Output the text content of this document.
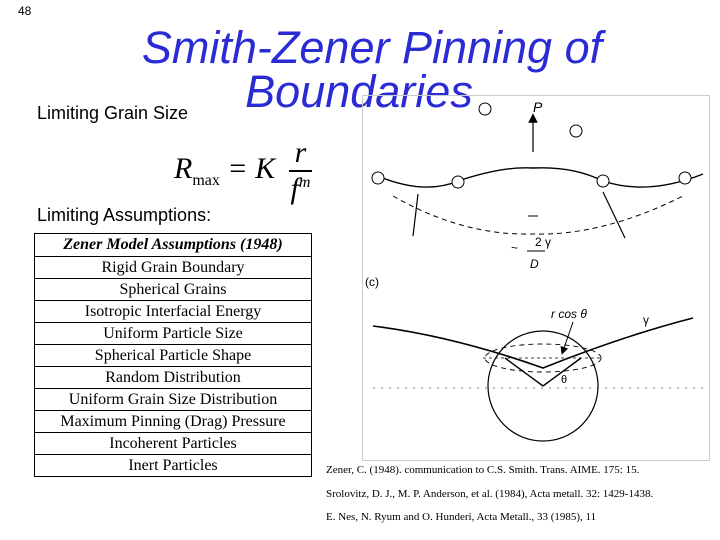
48
Smith-Zener Pinning of
Boundaries
Limiting Grain Size
$R_{max} = K \frac{r}{f^m}$
Limiting Assumptions:
Zener Model Assumptions (1948)
Rigid Grain Boundary
Spherical Grains
Isotropic Interfacial Energy
Uniform Particle Size
Spherical Particle Shape
Random Distribution
Uniform Grain Size Distribution
Maximum Pinning (Drag) Pressure
Incoherent Particles
Inert Particles
P
2 γ
~
D
(c)
r cos θ	γ
θ
Zener, C. (1948). communication to C.S. Smith. Trans. AIME. 175: 15.
Srolovitz, D. J., M. P. Anderson, et al. (1984), Acta metall. 32: 1429-1438.
E. Nes, N. Ryum and O. Hunderi, Acta Metall., 33 (1985), 11
